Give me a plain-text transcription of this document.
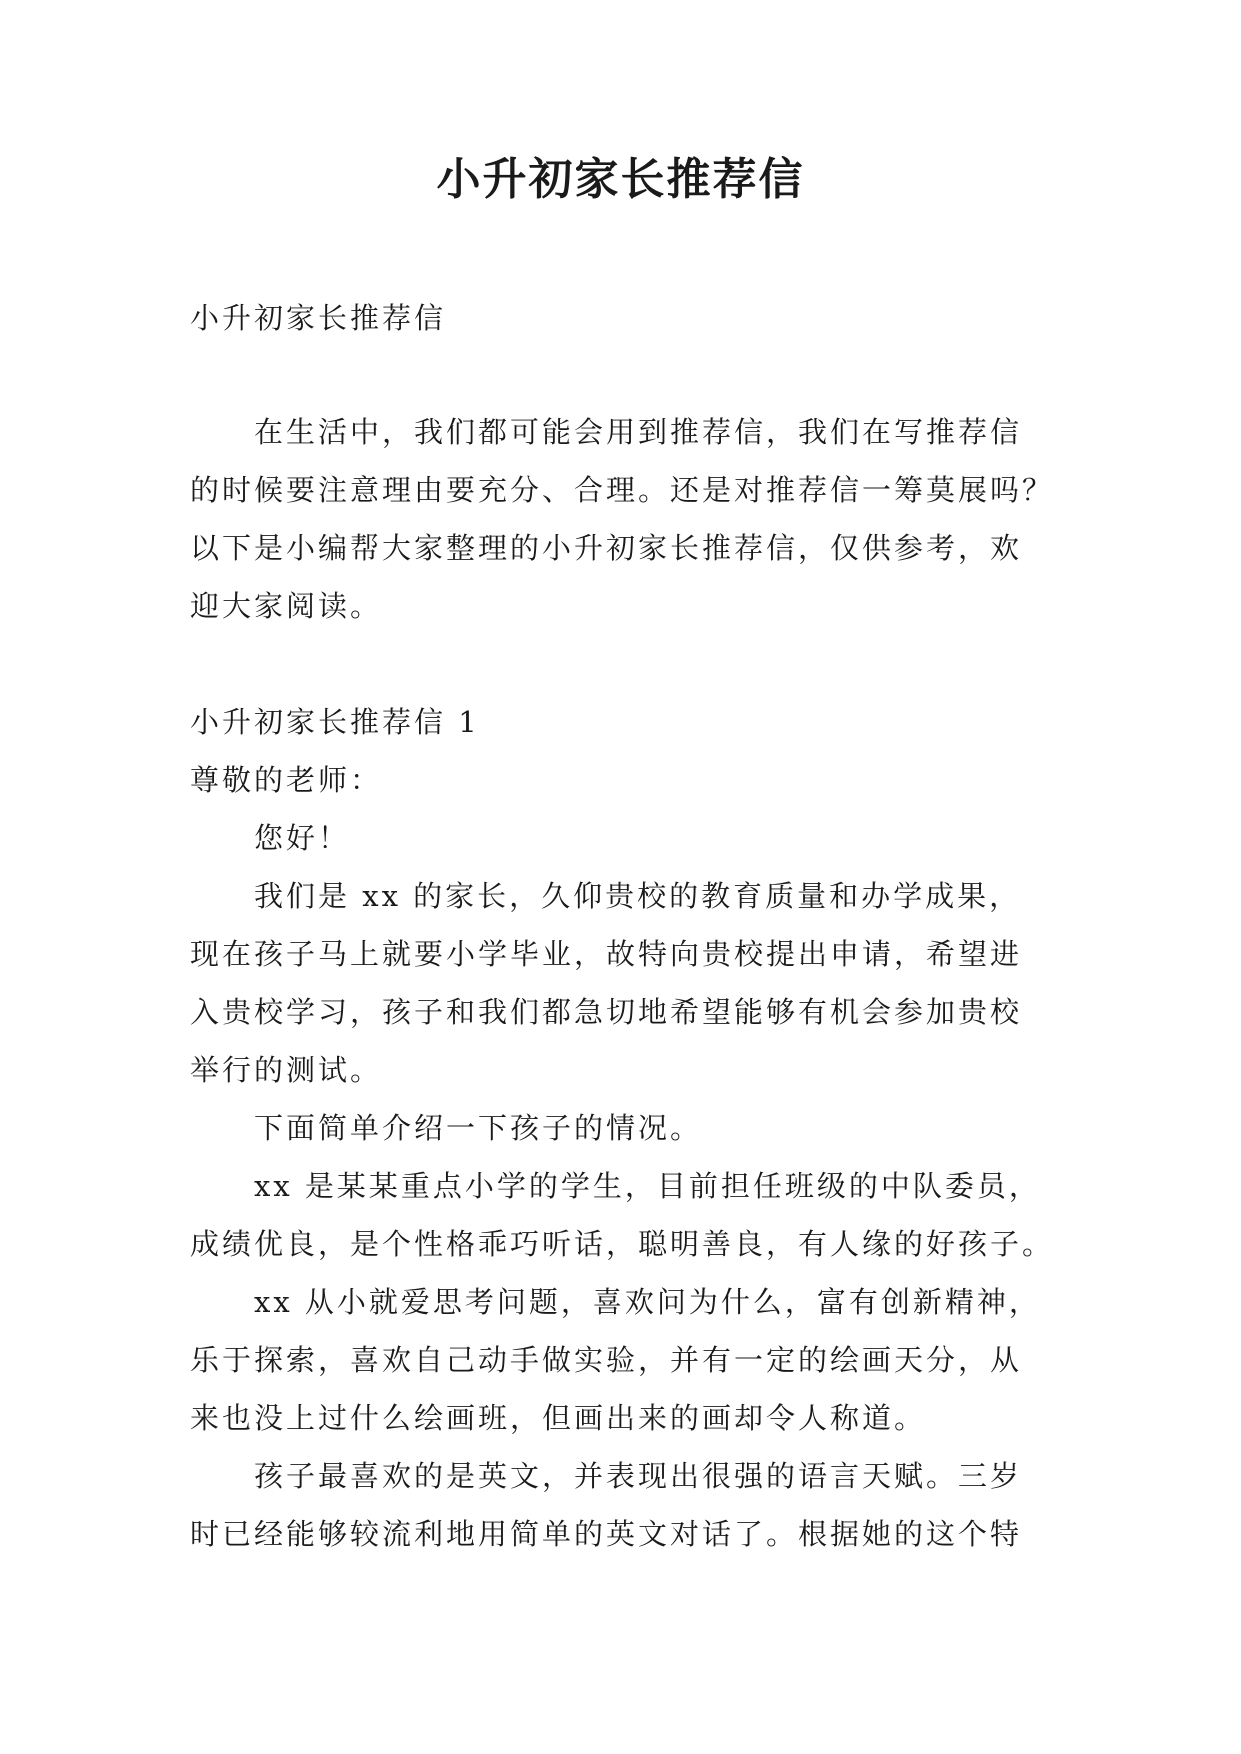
小升初家长推荐信

小升初家长推荐信

在生活中，我们都可能会用到推荐信，我们在写推荐信

的时候要注意理由要充分、合理。还是对推荐信一筹莫展吗？

以下是小编帮大家整理的小升初家长推荐信，仅供参考，欢

迎大家阅读。

小升初家长推荐信 1

尊敬的老师：

您好！

我们是 xx 的家长，久仰贵校的教育质量和办学成果，

现在孩子马上就要小学毕业，故特向贵校提出申请，希望进

入贵校学习，孩子和我们都急切地希望能够有机会参加贵校

举行的测试。

下面简单介绍一下孩子的情况。

xx 是某某重点小学的学生，目前担任班级的中队委员，

成绩优良，是个性格乖巧听话，聪明善良，有人缘的好孩子。

xx 从小就爱思考问题，喜欢问为什么，富有创新精神，

乐于探索，喜欢自己动手做实验，并有一定的绘画天分，从

来也没上过什么绘画班，但画出来的画却令人称道。

孩子最喜欢的是英文，并表现出很强的语言天赋。三岁

时已经能够较流利地用简单的英文对话了。根据她的这个特
